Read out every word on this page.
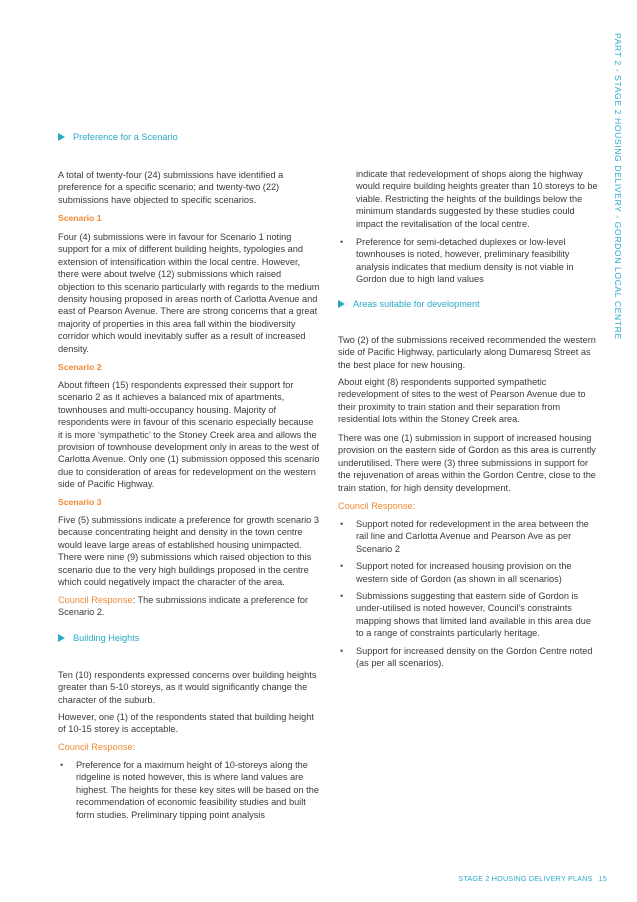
PART 2 - STAGE 2 HOUSING DELIVERY - GORDON LOCAL CENTRE
Preference for a Scenario

A total of twenty-four (24) submissions have identified a preference for a specific scenario; and twenty-two (22) submissions have objected to specific scenarios.

Scenario 1

Four (4) submissions were in favour for Scenario 1 noting support for a mix of different building heights, typologies and extension of intensification within the local centre. However, there were about twelve (12) submissions which raised objection to this scenario particularly with regards to the medium density housing proposed in areas north of Carlotta Avenue and east of Pearson Avenue. There are strong concerns that a great majority of properties in this area fall within the biodiversity corridor which would inevitably suffer as a result of increased density.

Scenario 2

About fifteen (15) respondents expressed their support for scenario 2 as it achieves a balanced mix of apartments, townhouses and multi-occupancy housing. Majority of respondents were in favour of this scenario especially because it is more ‘sympathetic’ to the Stoney Creek area and allows the provision of townhouse development only in areas to the west of Carlotta Avenue. Only one (1) submission opposed this scenario due to consideration of areas for redevelopment on the western side of Pacific Highway.

Scenario 3

Five (5) submissions indicate a preference for growth scenario 3 because concentrating height and density in the town centre would leave large areas of established housing unimpacted. There were nine (9) submissions which raised objection to this scenario due to the very high buildings proposed in the centre which could negatively impact the character of the area.

Council Response: The submissions indicate a preference for Scenario 2.

Building Heights

Ten (10) respondents expressed concerns over building heights greater than 5-10 storeys, as it would significantly change the character of the suburb.

However, one (1) of the respondents stated that building height of 10-15 storey is acceptable.

Council Response:

• Preference for a maximum height of 10-storeys along the ridgeline is noted however, this is where land values are highest. The heights for these key sites will be based on the recommendation of economic feasibility studies and built form studies. Preliminary tipping point analysis

indicate that redevelopment of shops along the highway would require building heights greater than 10 storeys to be viable. Restricting the heights of the buildings below the minimum standards suggested by these studies could impact the revitalisation of the local centre.

• Preference for semi-detached duplexes or low-level townhouses is noted, however, preliminary feasibility analysis indicates that medium density is not viable in Gordon due to high land values
Areas suitable for development

Two (2) of the submissions received recommended the western side of Pacific Highway, particularly along Dumaresq Street as the best place for new housing.

About eight (8) respondents supported sympathetic redevelopment of sites to the west of Pearson Avenue due to their proximity to train station and their separation from residential lots within the Stoney Creek area.

There was one (1) submission in support of increased housing provision on the eastern side of Gordon as this area is currently underutilised. There were (3) three submissions in support for the rejuvenation of areas within the Gordon Centre, close to the train station, for high density development.

Council Response:

• Support noted for redevelopment in the area between the rail line and Carlotta Avenue and Pearson Ave as per Scenario 2
• Support noted for increased housing provision on the western side of Gordon (as shown in all scenarios)
• Submissions suggesting that eastern side of Gordon is under-utilised is noted however, Council’s constraints mapping shows that limited land available in this area due to a range of constraints particularly heritage.
• Support for increased density on the Gordon Centre noted (as per all scenarios).
STAGE 2 HOUSING DELIVERY PLANS 15
